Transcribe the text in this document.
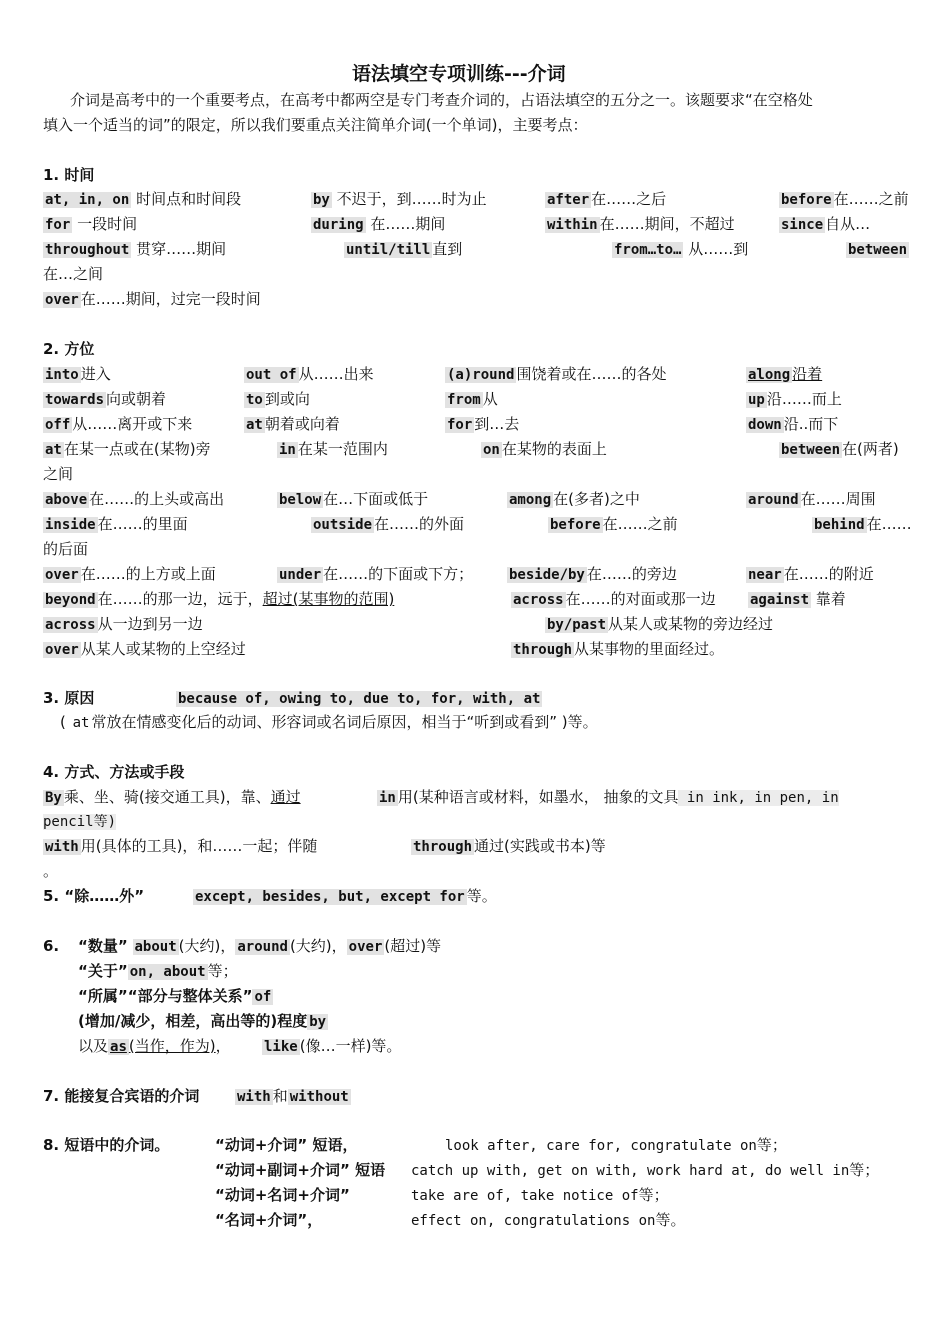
语法填空专项训练---介词
介词是高考中的一个重要考点，在高考中都两空是专门考查介词的，占语法填空的五分之一。该题要求“在空格处
填入一个适当的词”的限定，所以我们要重点关注简单介词(一个单词)，主要考点：
1. 时间
at, in, on 时间点和时间段	by 不迟于，到……时为止	after 在……之后	before 在……之前
for 一段时间	during 在……期间	within 在……期间，不超过	since 自从…
throughout 贯穿……期间	until/till 直到	from…to… 从……到	between
在…之间
over 在……期间，过完一段时间
2. 方位
into 进入	out of 从……出来	(a)round 围饶着或在……的各处	along 沿着
towards 向或朝着	to 到或向	from 从	up 沿……而上
off 从……离开或下来	at 朝着或向着	for 到…去	down 沿..而下
at 在某一点或在(某物)旁	in 在某一范围内	on 在某物的表面上	between 在(两者)
之间
above 在……的上头或高出	below 在…下面或低于	among 在(多者)之中	around 在……周围
inside 在……的里面	outside 在……的外面	before 在……之前	behind 在……
的后面
over 在……的上方或上面	under 在……的下面或下方；	beside/by 在……的旁边	near 在……的附近
beyond 在……的那一边，远于，超过(某事物的范围)	across 在……的对面或那一边 against 靠着
across 从一边到另一边	by/past 从某人或某物的旁边经过
over 从某人或某物的上空经过	through 从某事物的里面经过。
3. 原因	because of, owing to, due to, for, with, at
( at 常放在情感变化后的动词、形容词或名词后原因，相当于“听到或看到” )等。
4. 方式、方法或手段
By 乘、坐、骑(接交通工具)，靠、通过	in 用(某种语言或材料，如墨水， 抽象的文具 in ink, in pen, in
pencil等)
with 用(具体的工具)，和……一起；伴随	through 通过(实践或书本)等
。
5. “除……外”	except, besides, but, except for 等。
6. “数量” about (大约)， around (大约)， over (超过)等
“关于” on, about 等；
“所属”“部分与整体关系” of
(增加/减少，相差，高出等的)程度 by
以及 as (当作，作为)， like (像…一样)等。
7. 能接复合宾语的介词	with 和 without
8. 短语中的介词。	“动词+介词” 短语，	look after, care for, congratulate on等；
“动词+副词+介词” 短语 catch up with, get on with, work hard at, do well in等；
“动词+名词+介词”	take are of, take notice of等；
“名词+介词”，	effect on, congratulations on等。
